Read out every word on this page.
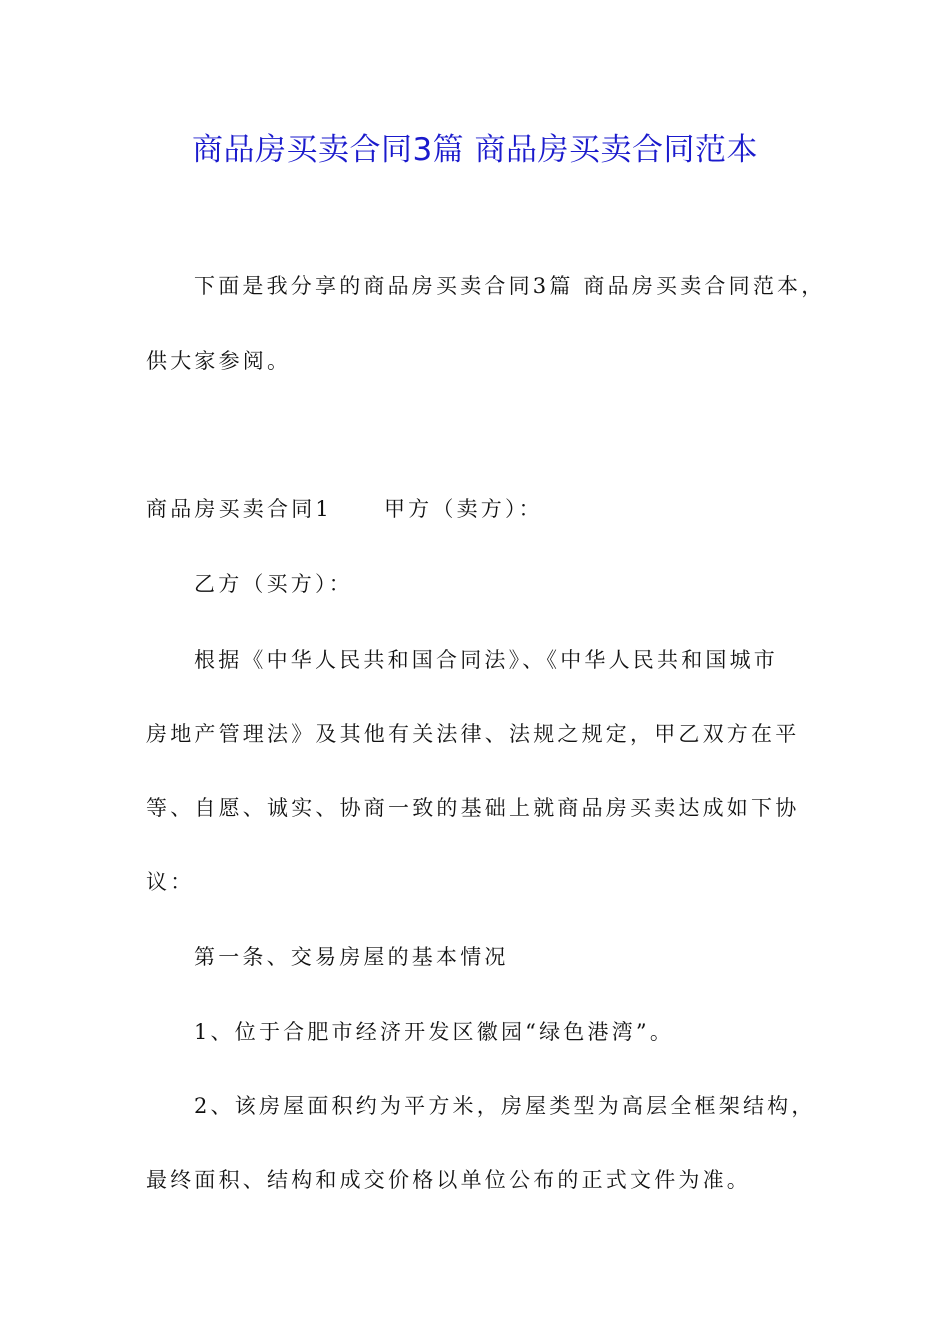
商品房买卖合同3篇 商品房买卖合同范本
下面是我分享的商品房买卖合同3篇 商品房买卖合同范本，
供大家参阅。
商品房买卖合同1 甲方（卖方）：
乙方（买方）：
根据《中华人民共和国合同法》、《中华人民共和国城市
房地产管理法》及其他有关法律、法规之规定，甲乙双方在平
等、自愿、诚实、协商一致的基础上就商品房买卖达成如下协
议：
第一条、交易房屋的基本情况
1、位于合肥市经济开发区徽园“绿色港湾”。
2、该房屋面积约为平方米，房屋类型为高层全框架结构，
最终面积、结构和成交价格以单位公布的正式文件为准。
